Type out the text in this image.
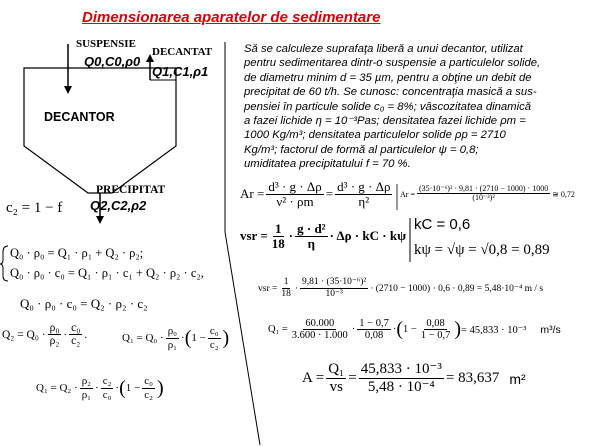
Dimensionarea aparatelor de sedimentare
SUSPENSIE
Q0,C0,ρ0
DECANTAT
Q1,C1,ρ1
DECANTOR
PRECIPITAT
Q2,C2,ρ2
Să se calculeze suprafaţa liberă a unui decantor, utilizat
pentru sedimentarea dintr-o suspensie a particulelor solide,
de diametru minim d = 35 µm, pentru a obţine un debit de
precipitat de 60 t/h. Se cunosc: concentraţia masică a sus-
pensiei în particule solide c₀ = 8%; vâscozitatea dinamică
a fazei lichide η = 10⁻³Pas; densitatea fazei lichide ρm =
1000 Kg/m³; densitatea particulelor solide ρp = 2710
Kg/m³; factorul de formă al particulelor ψ = 0,8;
umiditatea precipitatului f = 70 %.
c₂ = 1 − f
Q₀ · ρ₀ = Q₁ · ρ₁ + Q₂ · ρ₂;
Q₀ · ρ₀ · c₀ = Q₁ · ρ₁ · c₁ + Q₂ · ρ₂ · c₂,
Q₀ · ρ₀ · c₀ = Q₂ · ρ₂ · c₂
$Q_2 = Q_0 \cdot \frac{\text{ρ₀}}{\text{ρ₂}} \cdot \frac{\text{c₀}}{\text{c₂}}$ .	$Q_1 = Q_0 \cdot \frac{\text{ρ₀}}{\text{ρ₁}}$ · ( $1 - \frac{\text{c₀}}{\text{c₂}}$ )
$Q_1 = Q_2 \cdot \frac{\text{ρ₂}}{\text{ρ₁}} \cdot \frac{\text{c₂}}{\text{c₀}}$ · ( $1 - \frac{\text{c₀}}{\text{c₂}}$ )
$Ar = \frac{\text{d³ · g · Δρ}}{\text{ν² · ρm}} = \frac{\text{d³ · g · Δρ}}{\text{η²}}$ $Ar = \frac{\text{(35·10⁻⁶)³ · 9,81 · (2710 − 1000) · 1000}}{\text{(10⁻³)²}}$ ≅ 0,72
vsr = $\frac{1}{18} \cdot \frac{\text{g · d²}}{\eta} \cdot \Delta\rho$ · kC · kψ
kC = 0,6
kψ = √ψ = √0,8 = 0,89
vsr = $\frac{1}{18} \cdot \frac{\text{9,81 · (35·10⁻⁶)²}}{\text{10⁻³}} \cdot (2710 - 1000) \cdot 0,6 \cdot 0,89 = 5,48\cdot 10^{-4}$ m / s
$Q_1 = \frac{60.000}{3.600 \cdot 1.000} \cdot \frac{1 - 0,7}{0,08}$ · ( $1 - \frac{0,08}{1 - 0,7}$ ) = 45,833 · 10⁻³ m³/s
$A = \frac{\text{Q₁}}{vs} = \frac{\text{45,833 · 10⁻³}}{\text{5,48 · 10⁻⁴}} = 83,637$ m²
